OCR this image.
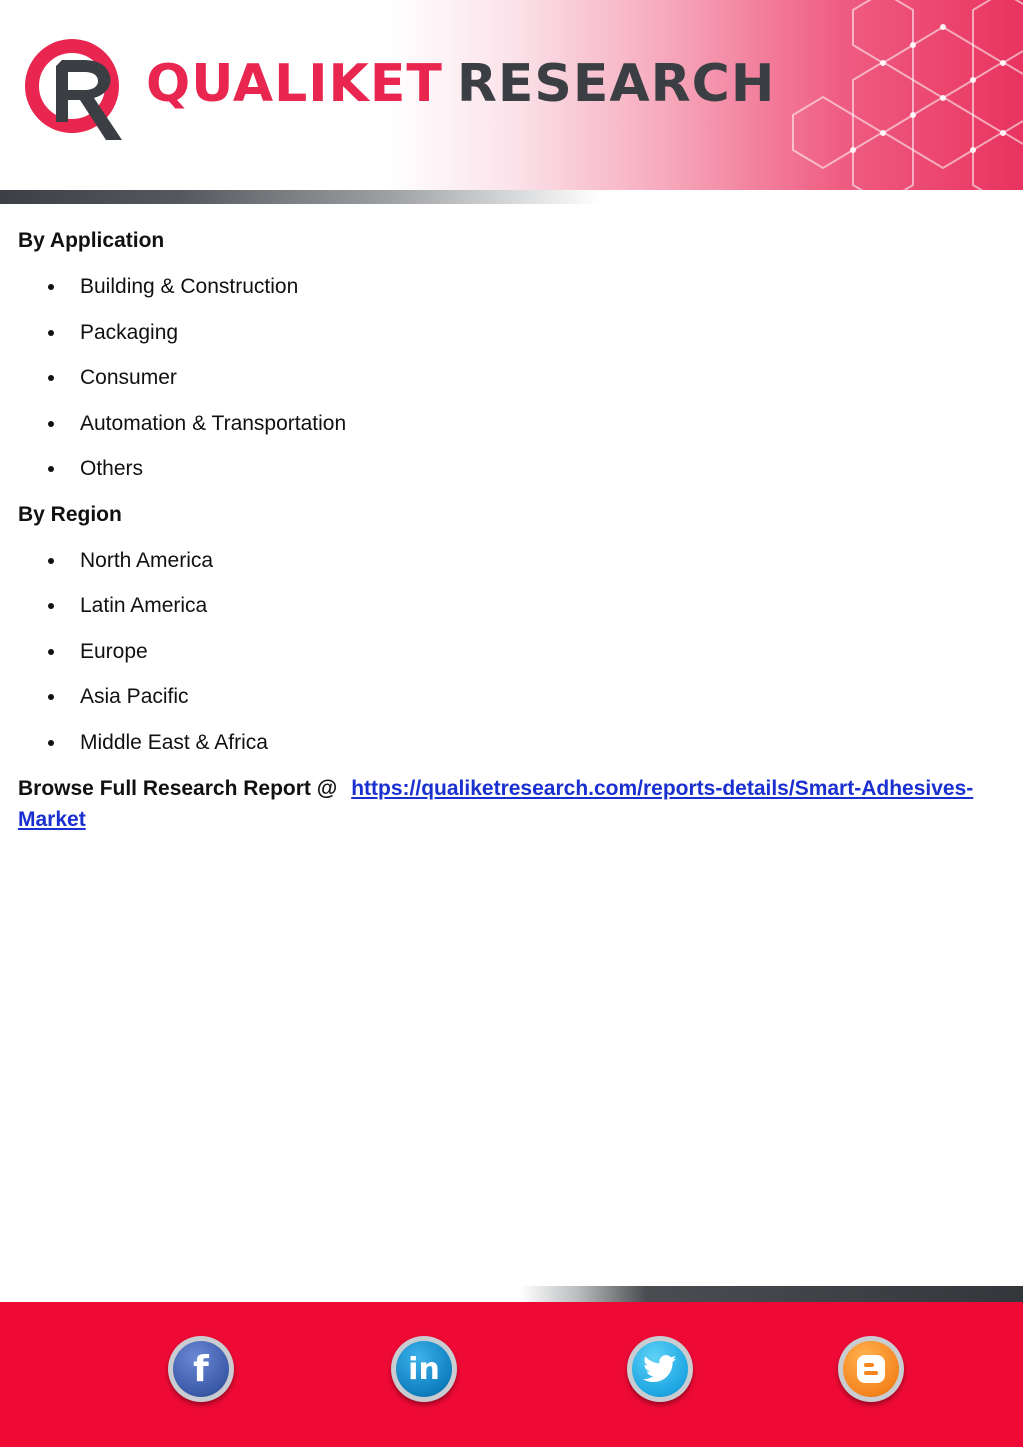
QUALIKET RESEARCH
By Application
Building & Construction
Packaging
Consumer
Automation & Transportation
Others
By Region
North America
Latin America
Europe
Asia Pacific
Middle East & Africa
Browse Full Research Report @ https://qualiketresearch.com/reports-details/Smart-Adhesives-Market
f	in
